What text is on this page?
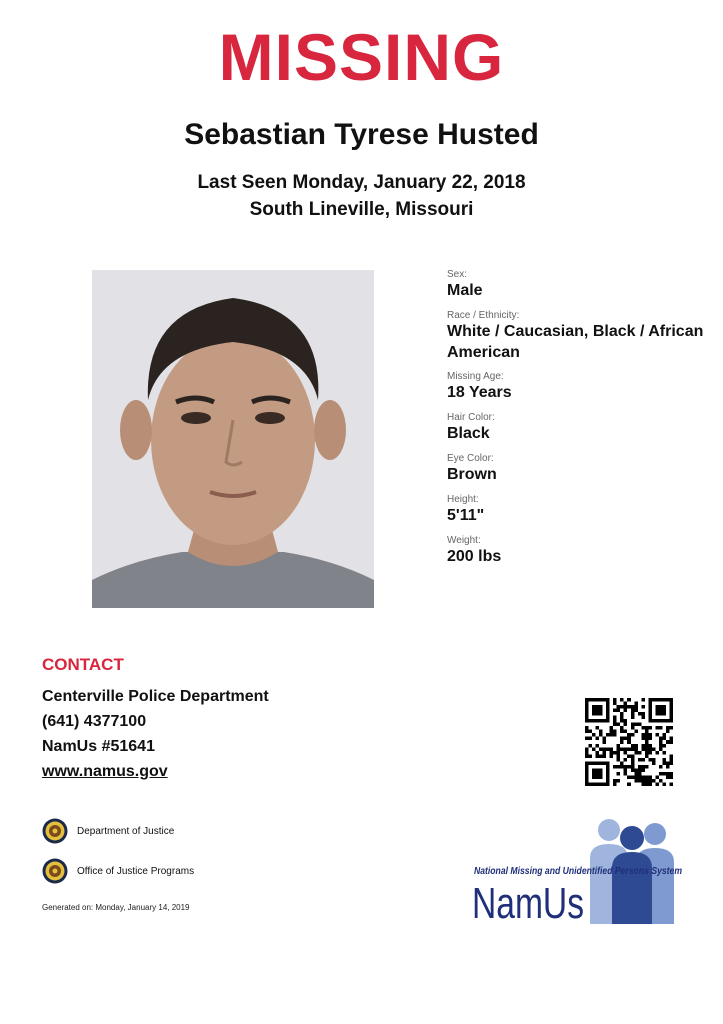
MISSING
Sebastian Tyrese Husted
Last Seen Monday, January 22, 2018
South Lineville, Missouri
Sex:
Male
Race / Ethnicity:
White / Caucasian, Black / African American
Missing Age:
18 Years
Hair Color:
Black
Eye Color:
Brown
Height:
5'11"
Weight:
200 lbs
CONTACT
Centerville Police Department
(641) 4377100
NamUs #51641
www.namus.gov
Department of Justice
Office of Justice Programs
Generated on: Monday, January 14, 2019
National Missing and Unidentified Persons System
NamUs
